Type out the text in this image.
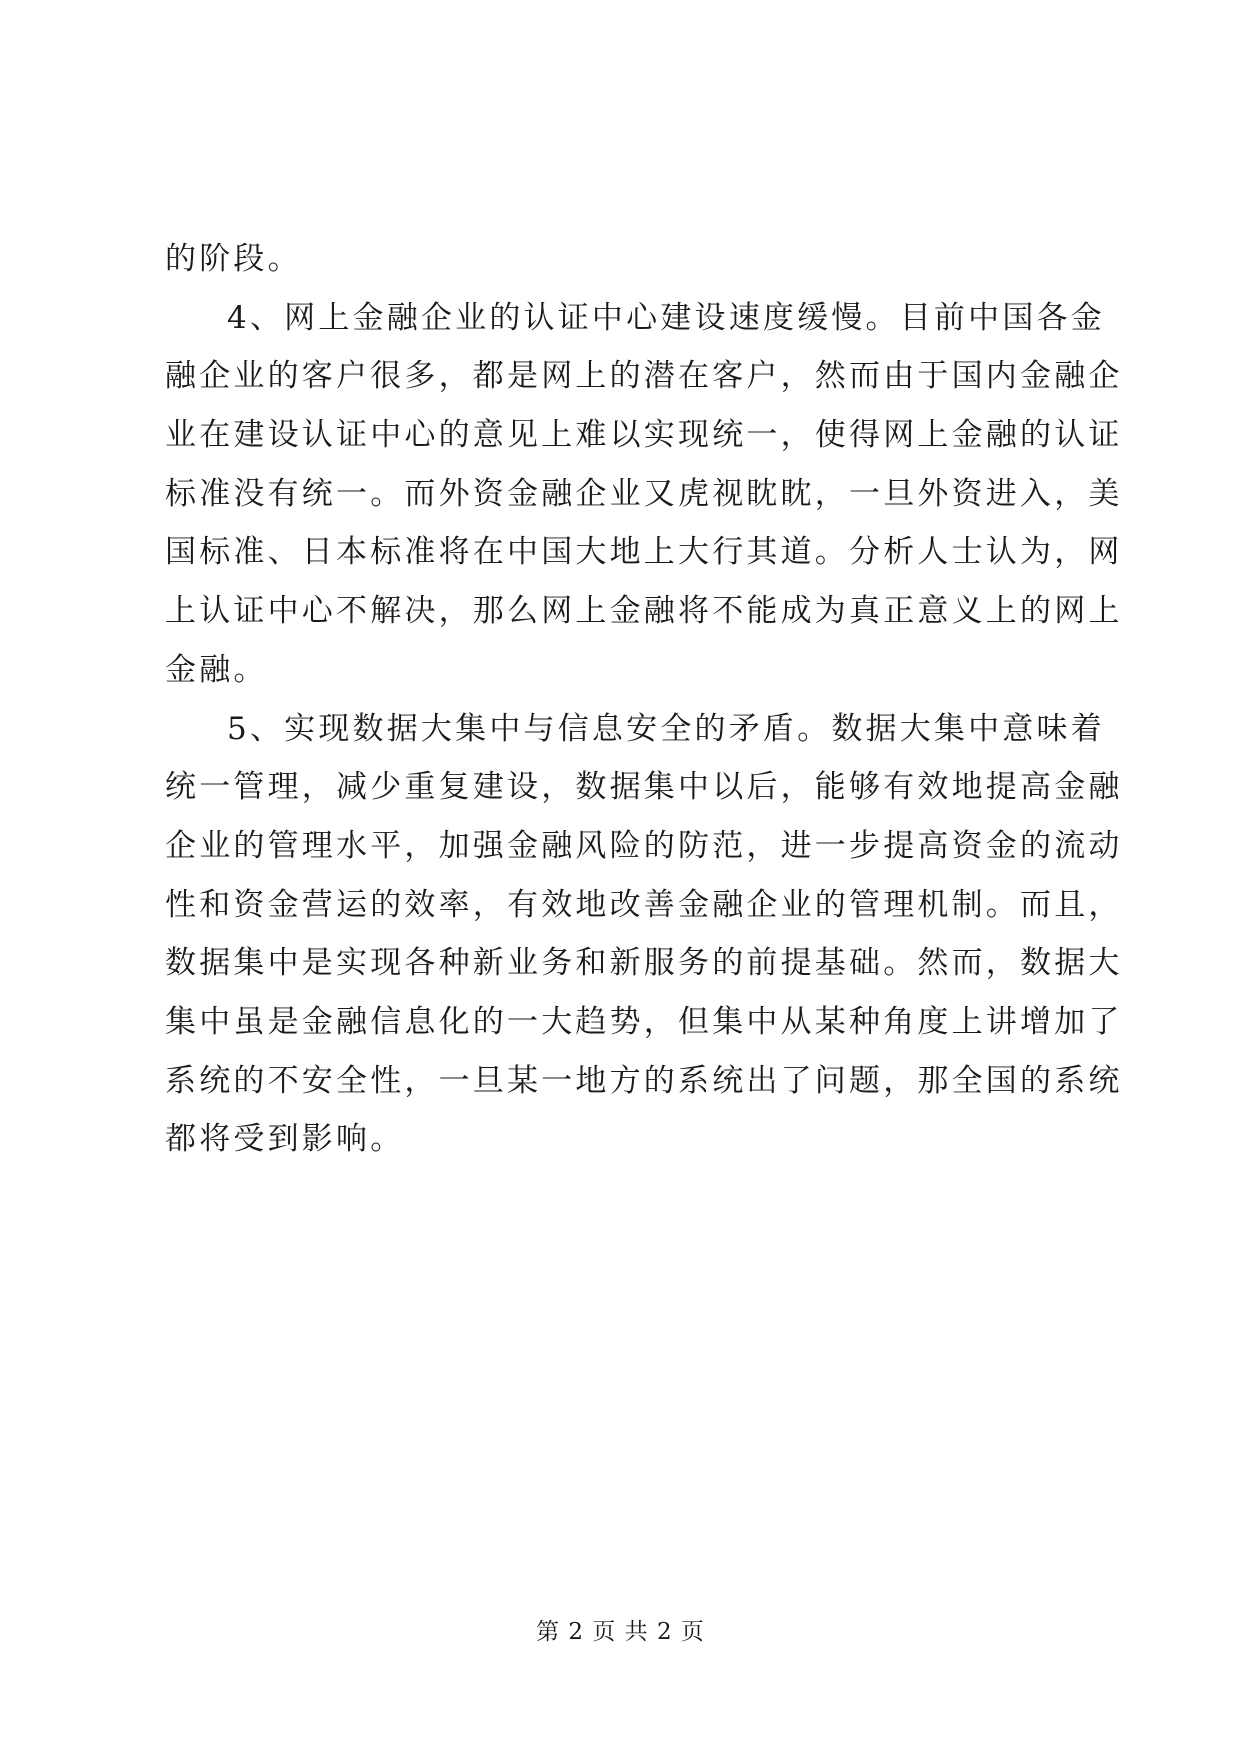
的阶段。
4、网上金融企业的认证中心建设速度缓慢。目前中国各金
融企业的客户很多，都是网上的潜在客户，然而由于国内金融企
业在建设认证中心的意见上难以实现统一，使得网上金融的认证
标准没有统一。而外资金融企业又虎视眈眈，一旦外资进入，美
国标准、日本标准将在中国大地上大行其道。分析人士认为，网
上认证中心不解决，那么网上金融将不能成为真正意义上的网上
金融。
5、实现数据大集中与信息安全的矛盾。数据大集中意味着
统一管理，减少重复建设，数据集中以后，能够有效地提高金融
企业的管理水平，加强金融风险的防范，进一步提高资金的流动
性和资金营运的效率，有效地改善金融企业的管理机制。而且，
数据集中是实现各种新业务和新服务的前提基础。然而，数据大
集中虽是金融信息化的一大趋势，但集中从某种角度上讲增加了
系统的不安全性，一旦某一地方的系统出了问题，那全国的系统
都将受到影响。
第 2 页 共 2 页
